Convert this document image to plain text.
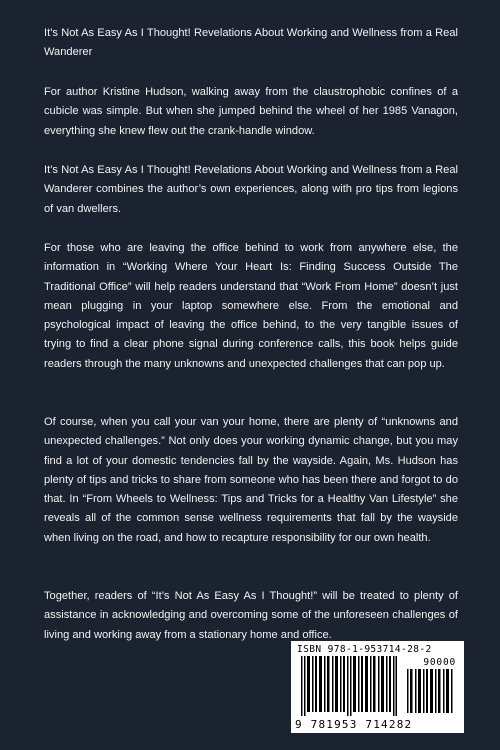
It’s Not As Easy As I Thought! Revelations About Working and Wellness from a Real Wanderer

For author Kristine Hudson, walking away from the claustrophobic confines of a cubicle was simple. But when she jumped behind the wheel of her 1985 Vanagon, everything she knew flew out the crank-handle window.

It’s Not As Easy As I Thought! Revelations About Working and Wellness from a Real Wanderer combines the author’s own experiences, along with pro tips from legions of van dwellers.

For those who are leaving the office behind to work from anywhere else, the information in “Working Where Your Heart Is: Finding Success Outside The Traditional Office” will help readers understand that “Work From Home” doesn’t just mean plugging in your laptop somewhere else. From the emotional and psychological impact of leaving the office behind, to the very tangible issues of trying to find a clear phone signal during conference calls, this book helps guide readers through the many unknowns and unexpected challenges that can pop up.

Of course, when you call your van your home, there are plenty of “unknowns and unexpected challenges.” Not only does your working dynamic change, but you may find a lot of your domestic tendencies fall by the wayside. Again, Ms. Hudson has plenty of tips and tricks to share from someone who has been there and forgot to do that. In “From Wheels to Wellness: Tips and Tricks for a Healthy Van Lifestyle” she reveals all of the common sense wellness requirements that fall by the wayside when living on the road, and how to recapture responsibility for our own health.

Together, readers of “It’s Not As Easy As I Thought!” will be treated to plenty of assistance in acknowledging and overcoming some of the unforeseen challenges of living and working away from a stationary home and office.

ISBN 978-1-953714-28-2
90000
9 781953 714282
